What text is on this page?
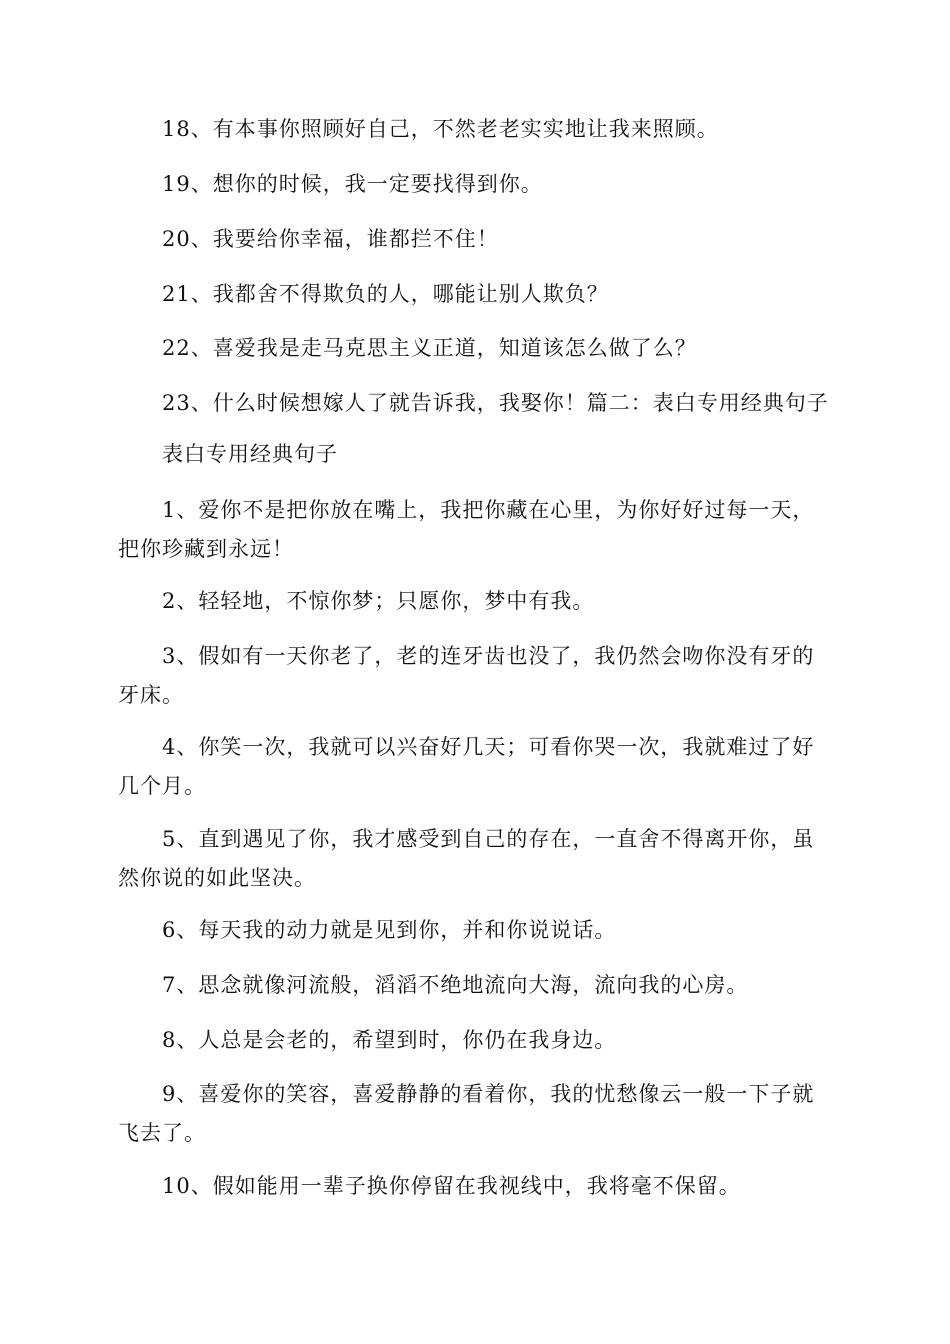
18、有本事你照顾好自己，不然老老实实地让我来照顾。
19、想你的时候，我一定要找得到你。
20、我要给你幸福，谁都拦不住！
21、我都舍不得欺负的人，哪能让别人欺负？
22、喜爱我是走马克思主义正道，知道该怎么做了么？
23、什么时候想嫁人了就告诉我，我娶你！篇二：表白专用经典句子
表白专用经典句子
1、爱你不是把你放在嘴上，我把你藏在心里，为你好好过每一天，把你珍藏到永远！
2、轻轻地，不惊你梦；只愿你，梦中有我。
3、假如有一天你老了，老的连牙齿也没了，我仍然会吻你没有牙的牙床。
4、你笑一次，我就可以兴奋好几天；可看你哭一次，我就难过了好几个月。
5、直到遇见了你，我才感受到自己的存在，一直舍不得离开你，虽然你说的如此坚决。
6、每天我的动力就是见到你，并和你说说话。
7、思念就像河流般，滔滔不绝地流向大海，流向我的心房。
8、人总是会老的，希望到时，你仍在我身边。
9、喜爱你的笑容，喜爱静静的看着你，我的忧愁像云一般一下子就飞去了。
10、假如能用一辈子换你停留在我视线中，我将毫不保留。
